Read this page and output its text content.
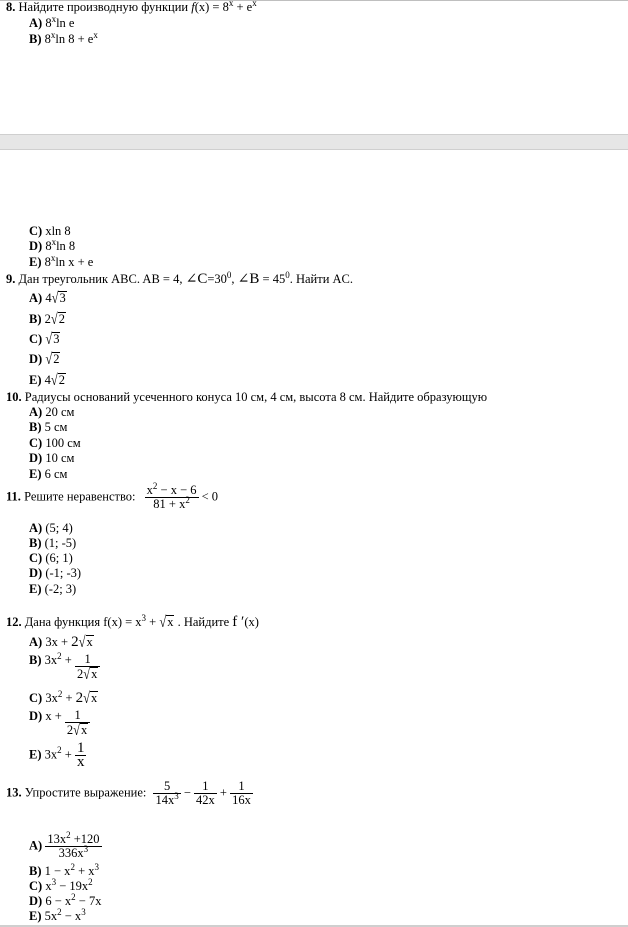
8. Найдите производную функции $f(x) = 8^x + e^x$
A) 8$^x$ln e
B) 8$^x$ln $8 + e^x$
C) xln 8
D) 8$^x$ln 8
E) 8$^x$ln x + e
9. Дан треугольник ABC. AB = 4, $\angle C=30^0$, ∠B = $45^0$. Найти AC.
A) 4√3
B) 2√2
C) √3
D) √2
E) 4√2
10. Радиусы оснований усеченного конуса 10 см, 4 см, высота 8 см. Найдите образующую
A) 20 см
B) 5 см
C) 100 см
D) 10 см
E) 6 см
11. Решите неравенство: $\frac{x^2 - x - 6}{81 + x^2} < 0$
A) (5; 4)
B) (1; -5)
C) (6; 1)
D) (-1; -3)
E) (-2; 3)
12. Дана функция $f(x) = x^3 + √x$ . Найдите f ′(x)
A) 3x + 2√x
B) $3x^2 + \frac{1}{2√x}$
C) $3x^2 + 2√x$
D) $x + \frac{1}{2√x}$
E) $3x^2 + \frac{1}{x}$
13. Упростите выражение: $\frac{5}{14x^3} - \frac{1}{42x} + \frac{1}{16x}$
$A) \frac{13x^2 +120}{336x^3}$
B) $1 - x^2 + x^3$
C) $x^3 - 19x^2$
D) $6 - x^2 - 7x$
E) $5x^2 - x^3$
